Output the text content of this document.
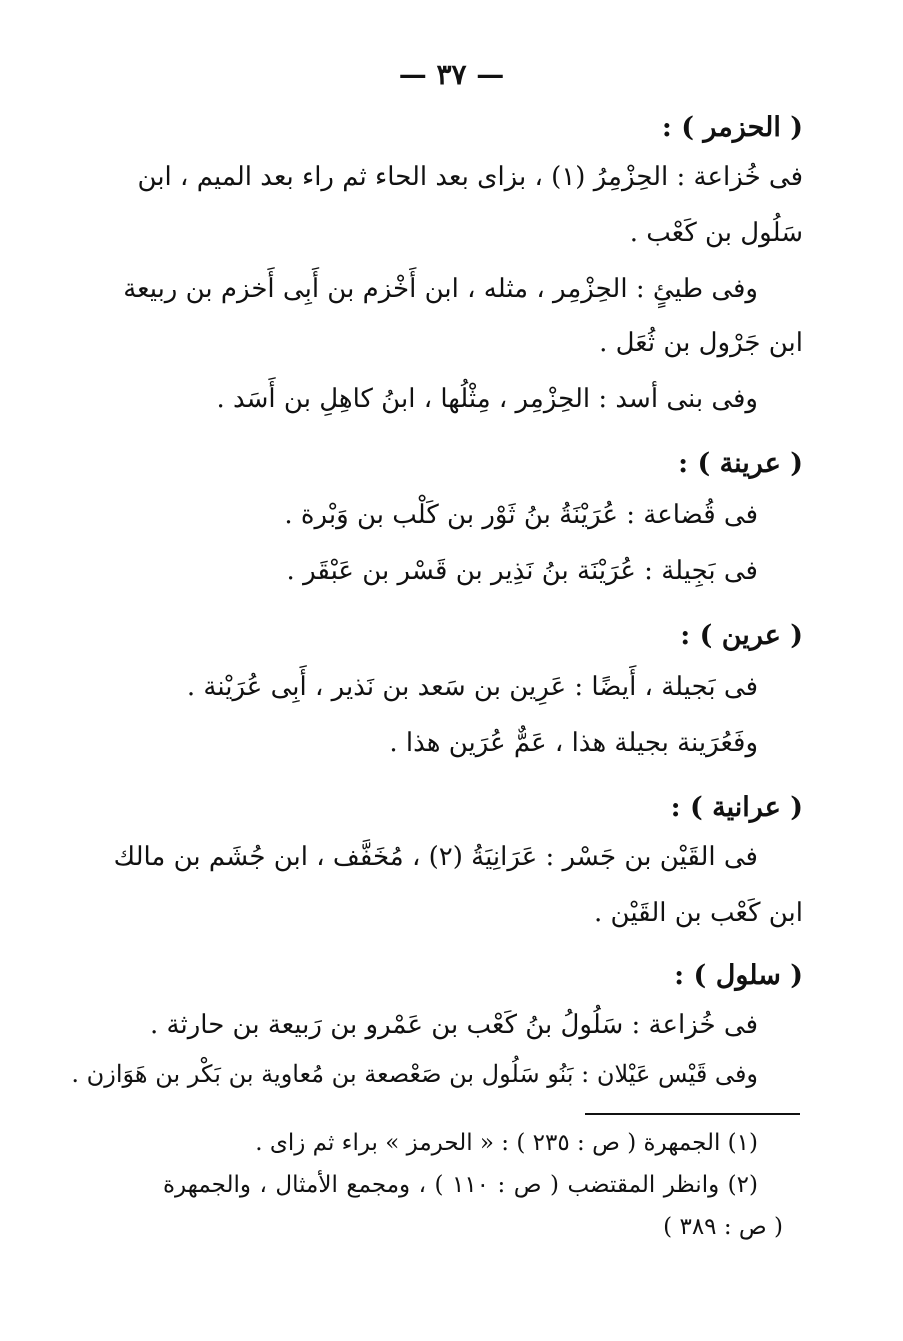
— ٣٧ —
( الحزمر ) :
فى خُزاعة : الحِزْمِرُ (١) ، بزاى بعد الحاء ثم راء بعد الميم ، ابن
سَلُول بن كَعْب .
وفى طيئٍ : الحِزْمِر ، مثله ، ابن أَخْزم بن أَبِى أَخزم بن ربيعة
ابن جَرْول بن ثُعَل .
وفى بنى أسد : الحِزْمِر ، مِثْلُها ، ابنُ كاهِلِ بن أَسَد .
( عرينة ) :
فى قُضاعة : عُرَيْنَةُ بنُ ثَوْر بن كَلْب بن وَبْرة .
فى بَجِيلة : عُرَيْنَة بنُ نَذِير بن قَسْر بن عَبْقَر .
( عرين ) :
فى بَجيلة ، أَيضًا : عَرِين بن سَعد بن نَذير ، أَبِى عُرَيْنة .
وفَعُرَينة بجيلة هذا ، عَمٌّ عُرَين هذا .
( عرانية ) :
فى القَيْن بن جَسْر : عَرَانِيَةُ (٢) ، مُخَفَّف ، ابن جُشَم بن مالك
ابن كَعْب بن القَيْن .
( سلول ) :
فى خُزاعة : سَلُولُ بنُ كَعْب بن عَمْرو بن رَبيعة بن حارثة .
وفى قَيْس عَيْلان : بَنُو سَلُول بن صَعْصعة بن مُعاوية بن بَكْر بن هَوَازن .
(١) الجمهرة ( ص : ٢٣٥ ) : « الحرمز » براء ثم زاى .
(٢) وانظر المقتضب ( ص : ١١٠ ) ، ومجمع الأمثال ، والجمهرة
( ص : ٣٨٩ )
